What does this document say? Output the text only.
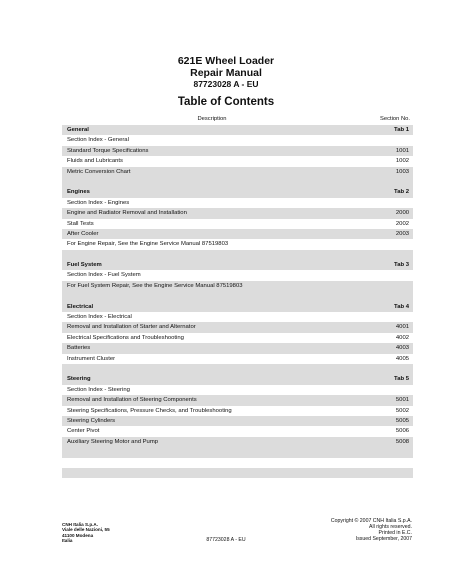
621E Wheel Loader
Repair Manual
87723028 A - EU
Table of Contents
Description	Section No.
General	Tab 1
Section Index - General
Standard Torque Specifications	1001
Fluids and Lubricants	1002
Metric Conversion Chart	1003
Engines	Tab 2
Section Index - Engines
Engine and Radiator Removal and Installation	2000
Stall Tests	2002
After Cooler	2003
For Engine Repair, See the Engine Service Manual 87519803
Fuel System	Tab 3
Section Index - Fuel System
For Fuel System Repair, See the Engine Service Manual 87519803
Electrical	Tab 4
Section Index - Electrical
Removal and Installation of Starter and Alternator	4001
Electrical Specifications and Troubleshooting	4002
Batteries	4003
Instrument Cluster	4005
Steering	Tab 5
Section Index - Steering
Removal and Installation of Steering Components	5001
Steering Specifications, Pressure Checks, and Troubleshooting	5002
Steering Cylinders	5005
Center Pivot	5006
Auxiliary Steering Motor and Pump	5008
CNH Italia S.p.A.
Viale delle Nazioni, 55
41100 Modena
Italia	87723028 A - EU
Copyright © 2007 CNH Italia S.p.A.
All rights reserved.
Printed in E.C.
Issued September, 2007
